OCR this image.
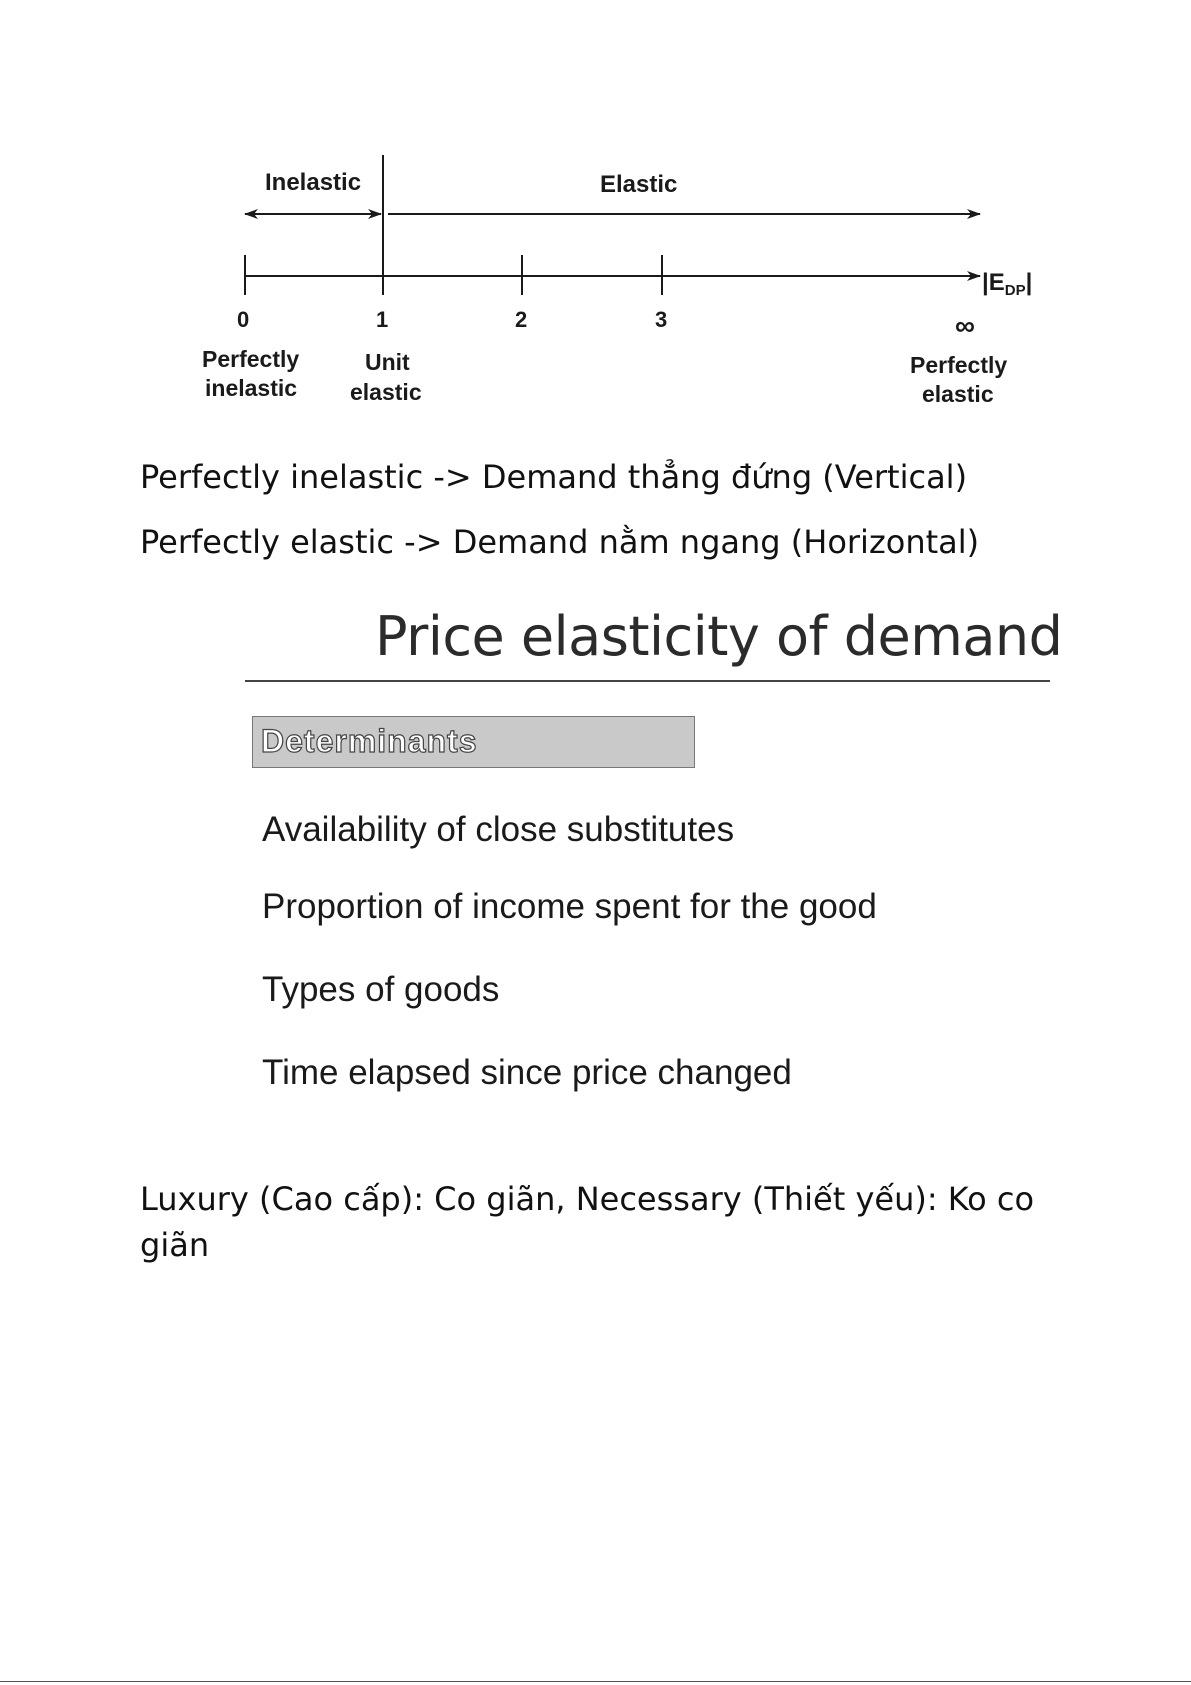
Inelastic	Elastic
$|E_{DP}|$
0	1	2	3	∞
Perfectly
inelastic
Unit
elastic
Perfectly
elastic

Perfectly inelastic -> Demand thẳng đứng (Vertical)

Perfectly elastic -> Demand nằm ngang (Horizontal)

Price elasticity of demand
Determinants

Availability of close substitutes

Proportion of income spent for the good

Types of goods

Time elapsed since price changed

Luxury (Cao cấp): Co giãn, Necessary (Thiết yếu): Ko co giãn
